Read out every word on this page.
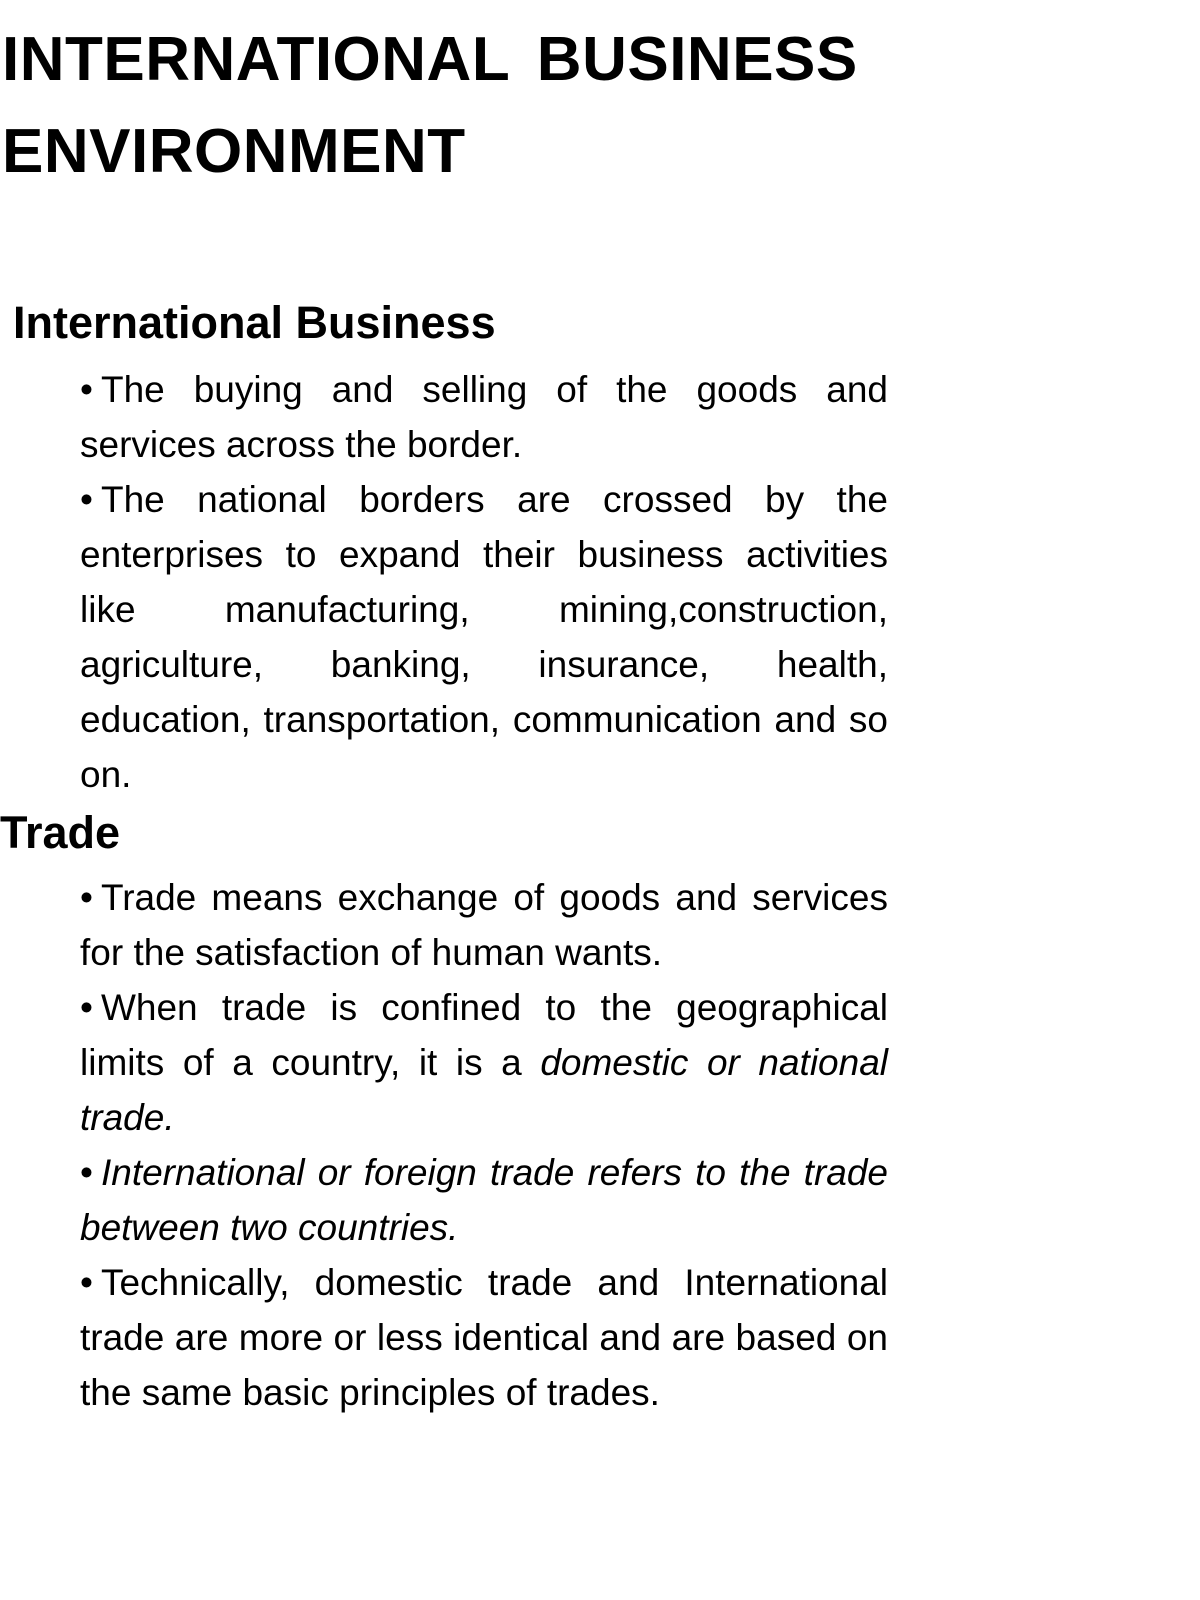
INTERNATIONAL BUSINESS ENVIRONMENT
International Business
• The buying and selling of the goods and services across the border.
• The national borders are crossed by the enterprises to expand their business activities like manufacturing, mining,construction, agriculture, banking, insurance, health, education, transportation, communication and so on.
Trade
• Trade means exchange of goods and services for the satisfaction of human wants.
• When trade is confined to the geographical limits of a country, it is a domestic or national trade.
• International or foreign trade refers to the trade between two countries.
• Technically, domestic trade and International trade are more or less identical and are based on the same basic principles of trades.
